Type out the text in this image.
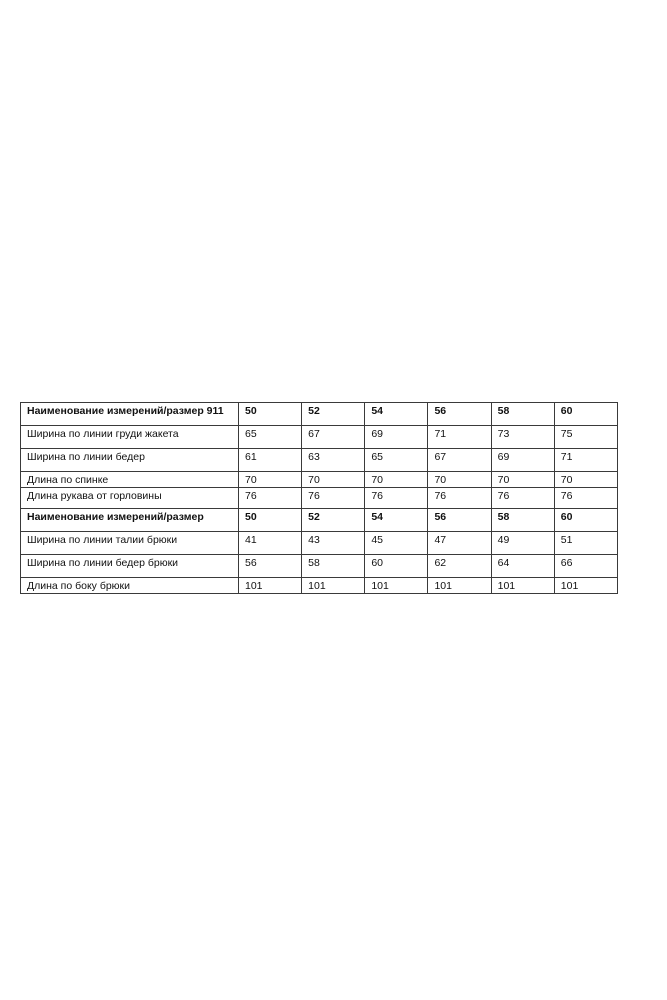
Наименование измерений/размер 911	50	52	54	56	58	60
Ширина по линии груди жакета	65	67	69	71	73	75
Ширина по линии бедер	61	63	65	67	69	71
Длина по спинке	70	70	70	70	70	70
Длина рукава от горловины	76	76	76	76	76	76
Наименование измерений/размер	50	52	54	56	58	60
Ширина по линии талии брюки	41	43	45	47	49	51
Ширина по линии бедер брюки	56	58	60	62	64	66
Длина по боку брюки	101	101	101	101	101	101
